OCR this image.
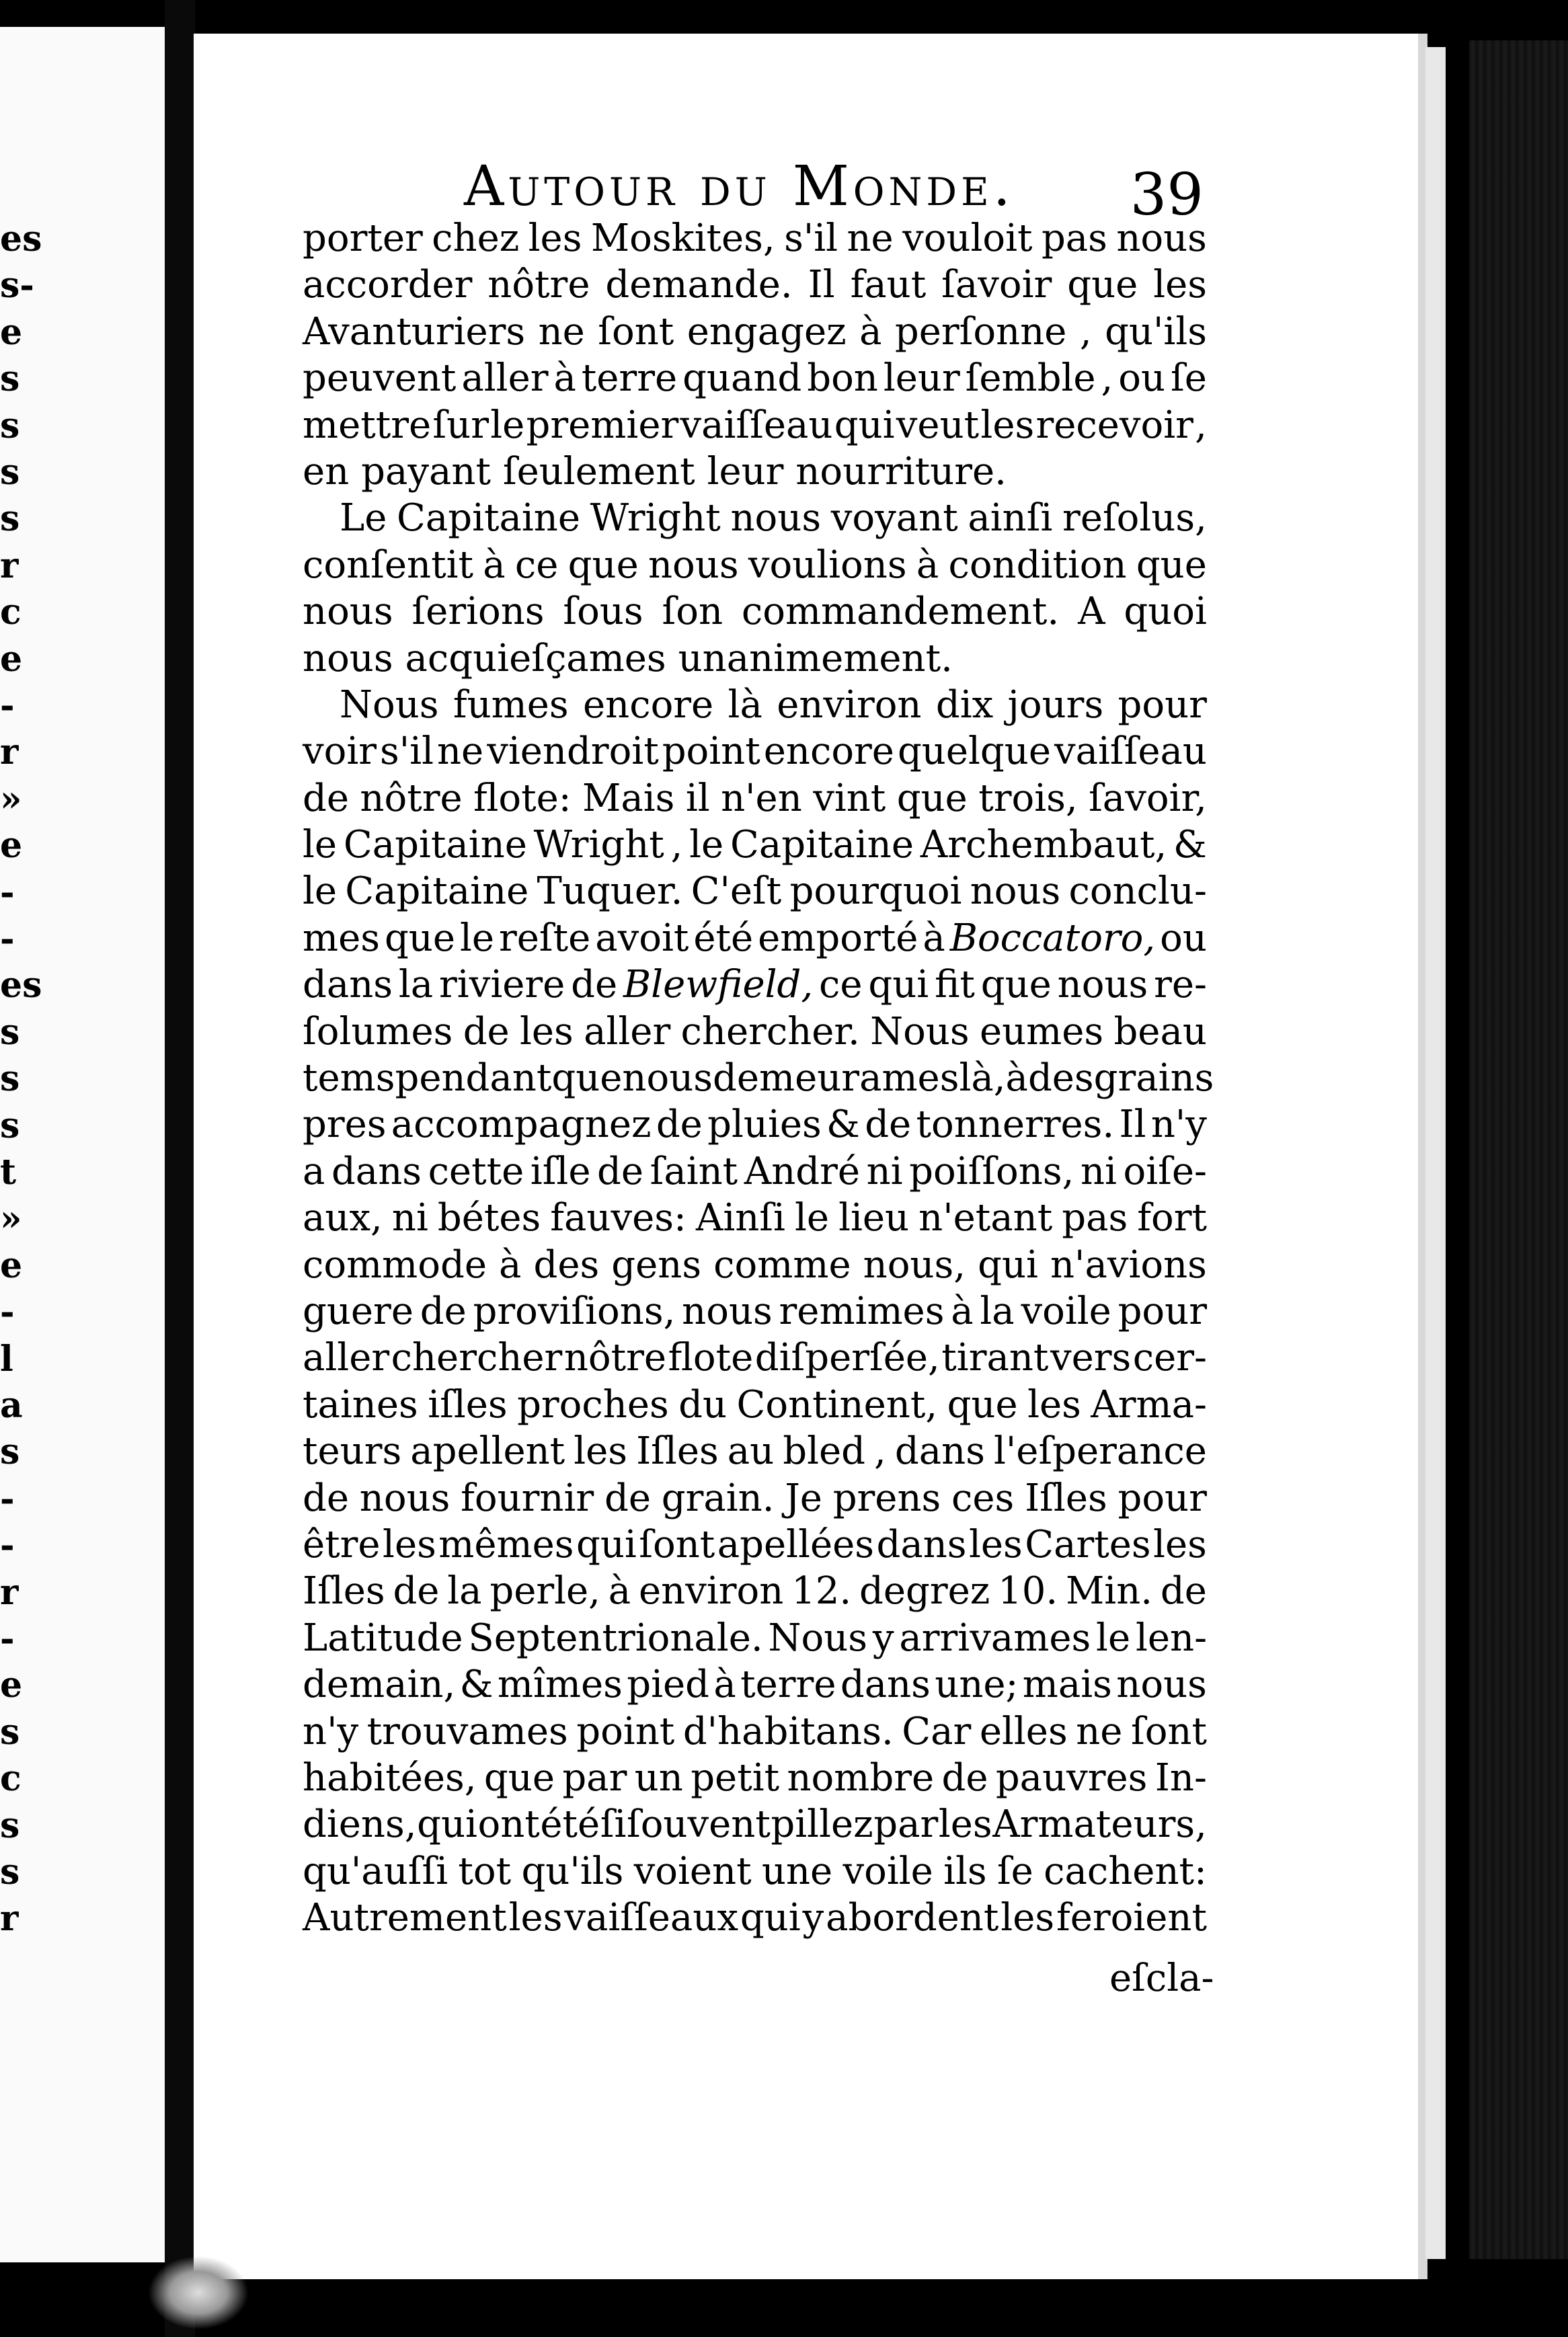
es
s-
e
s
s
s
s
r
c
e
-
r
»
e
-
-
es
s
s
s
t
»
e
-
l
a
s
-
-
r
-
e
s
c
s
s
r
Autour du Monde. 39
porter chez les Moskites, s'il ne vouloit pas nous
accorder nôtre demande. Il faut ſavoir que les
Avanturiers ne ſont engagez à perſonne , qu'ils
peuvent aller à terre quand bon leur ſemble , ou ſe
mettre ſur le premier vaiſſeau qui veut les recevoir ,
en payant ſeulement leur nourriture.
Le Capitaine Wright nous voyant ainſi reſolus,
conſentit à ce que nous voulions à condition que
nous ſerions ſous ſon commandement. A quoi
nous acquieſçames unanimement.
Nous fumes encore là environ dix jours pour
voir s'il ne viendroit point encore quelque vaiſſeau
de nôtre flote: Mais il n'en vint que trois, ſavoir,
le Capitaine Wright , le Capitaine Archembaut, &
le Capitaine Tuquer. C'eſt pourquoi nous conclu-
mes que le reſte avoit été emporté à Boccatoro, ou
dans la riviere de Blewfield, ce qui fit que nous re-
ſolumes de les aller chercher. Nous eumes beau
tems pendant que nous demeurames là, à des grains
pres accompagnez de pluies & de tonnerres. Il n'y
a dans cette iſle de ſaint André ni poiſſons, ni oiſe-
aux, ni bétes fauves: Ainſi le lieu n'etant pas fort
commode à des gens comme nous, qui n'avions
guere de proviſions, nous remimes à la voile pour
aller chercher nôtre flote diſperſée, tirant vers cer-
taines iſles proches du Continent, que les Arma-
teurs apellent les Iſles au bled , dans l'eſperance
de nous fournir de grain. Je prens ces Iſles pour
être les mêmes qui ſont apellées dans les Cartes les
Iſles de la perle, à environ 12. degrez 10. Min. de
Latitude Septentrionale. Nous y arrivames le len-
demain, & mîmes pied à terre dans une; mais nous
n'y trouvames point d'habitans. Car elles ne ſont
habitées, que par un petit nombre de pauvres In-
diens, qui ont été ſi ſouvent pillez par les Armateurs,
qu'auſſi tot qu'ils voient une voile ils ſe cachent:
Autrement les vaiſſeaux qui y abordent les feroient
eſcla-
